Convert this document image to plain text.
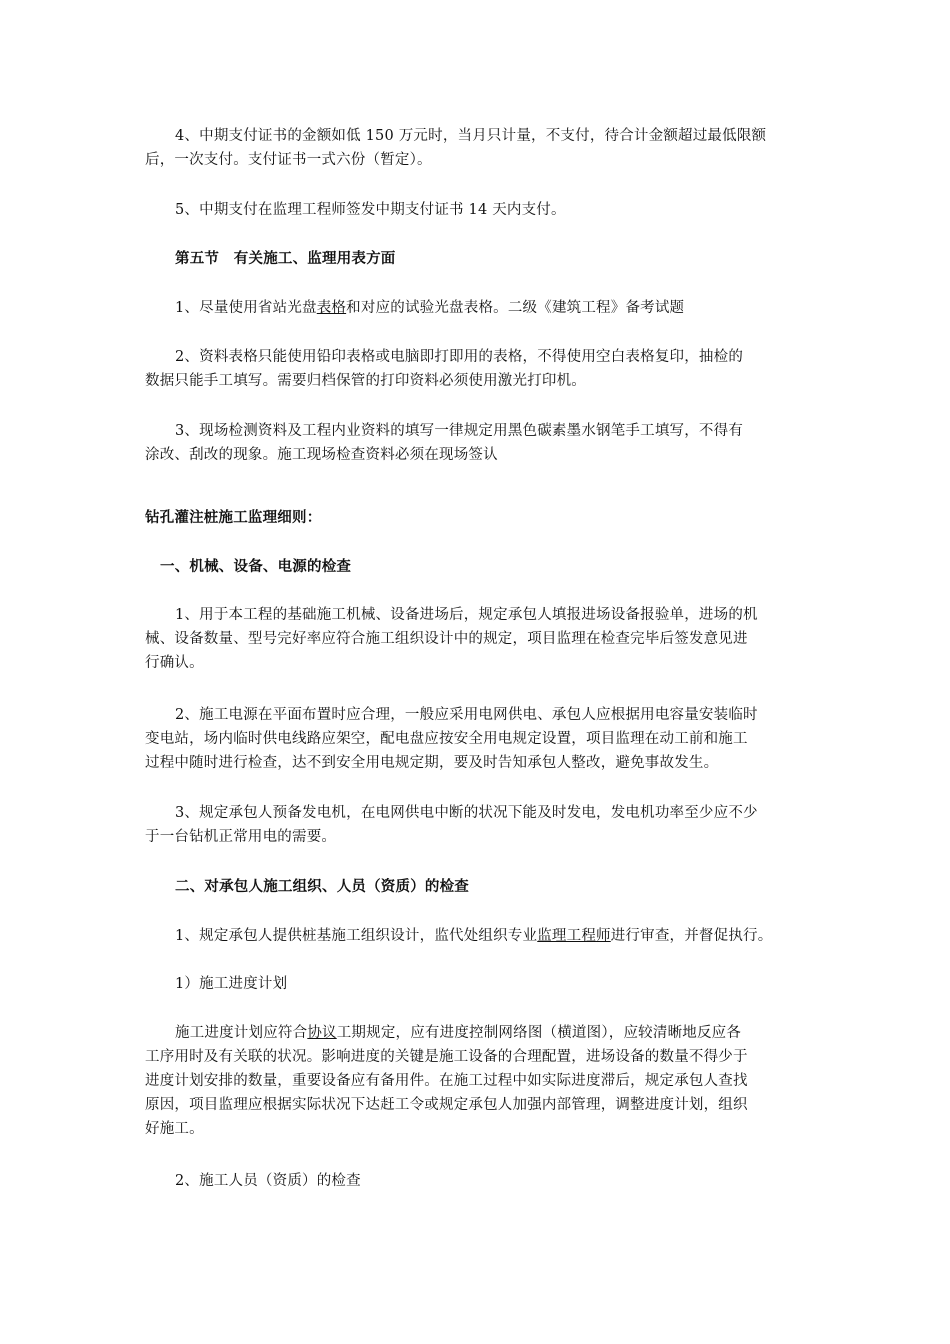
4、中期支付证书的金额如低 150 万元时，当月只计量，不支付，待合计金额超过最低限额
后，一次支付。支付证书一式六份（暂定）。
5、中期支付在监理工程师签发中期支付证书 14 天内支付。
第五节　有关施工、监理用表方面
1、尽量使用省站光盘表格和对应的试验光盘表格。二级《建筑工程》备考试题
2、资料表格只能使用铅印表格或电脑即打即用的表格，不得使用空白表格复印，抽检的
数据只能手工填写。需要归档保管的打印资料必须使用激光打印机。
3、现场检测资料及工程内业资料的填写一律规定用黑色碳素墨水钢笔手工填写，不得有
涂改、刮改的现象。施工现场检查资料必须在现场签认
钻孔灌注桩施工监理细则：
一、机械、设备、电源的检查
1、用于本工程的基础施工机械、设备进场后，规定承包人填报进场设备报验单，进场的机
械、设备数量、型号完好率应符合施工组织设计中的规定，项目监理在检查完毕后签发意见进
行确认。
2、施工电源在平面布置时应合理，一般应采用电网供电、承包人应根据用电容量安装临时
变电站，场内临时供电线路应架空，配电盘应按安全用电规定设置，项目监理在动工前和施工
过程中随时进行检查，达不到安全用电规定期，要及时告知承包人整改，避免事故发生。
3、规定承包人预备发电机，在电网供电中断的状况下能及时发电，发电机功率至少应不少
于一台钻机正常用电的需要。
二、对承包人施工组织、人员（资质）的检查
1、规定承包人提供桩基施工组织设计，监代处组织专业监理工程师进行审查，并督促执行。
1）施工进度计划
施工进度计划应符合协议工期规定，应有进度控制网络图（横道图），应较清晰地反应各
工序用时及有关联的状况。影响进度的关键是施工设备的合理配置，进场设备的数量不得少于
进度计划安排的数量，重要设备应有备用件。在施工过程中如实际进度滞后，规定承包人查找
原因，项目监理应根据实际状况下达赶工令或规定承包人加强内部管理，调整进度计划，组织
好施工。
2、施工人员（资质）的检查
